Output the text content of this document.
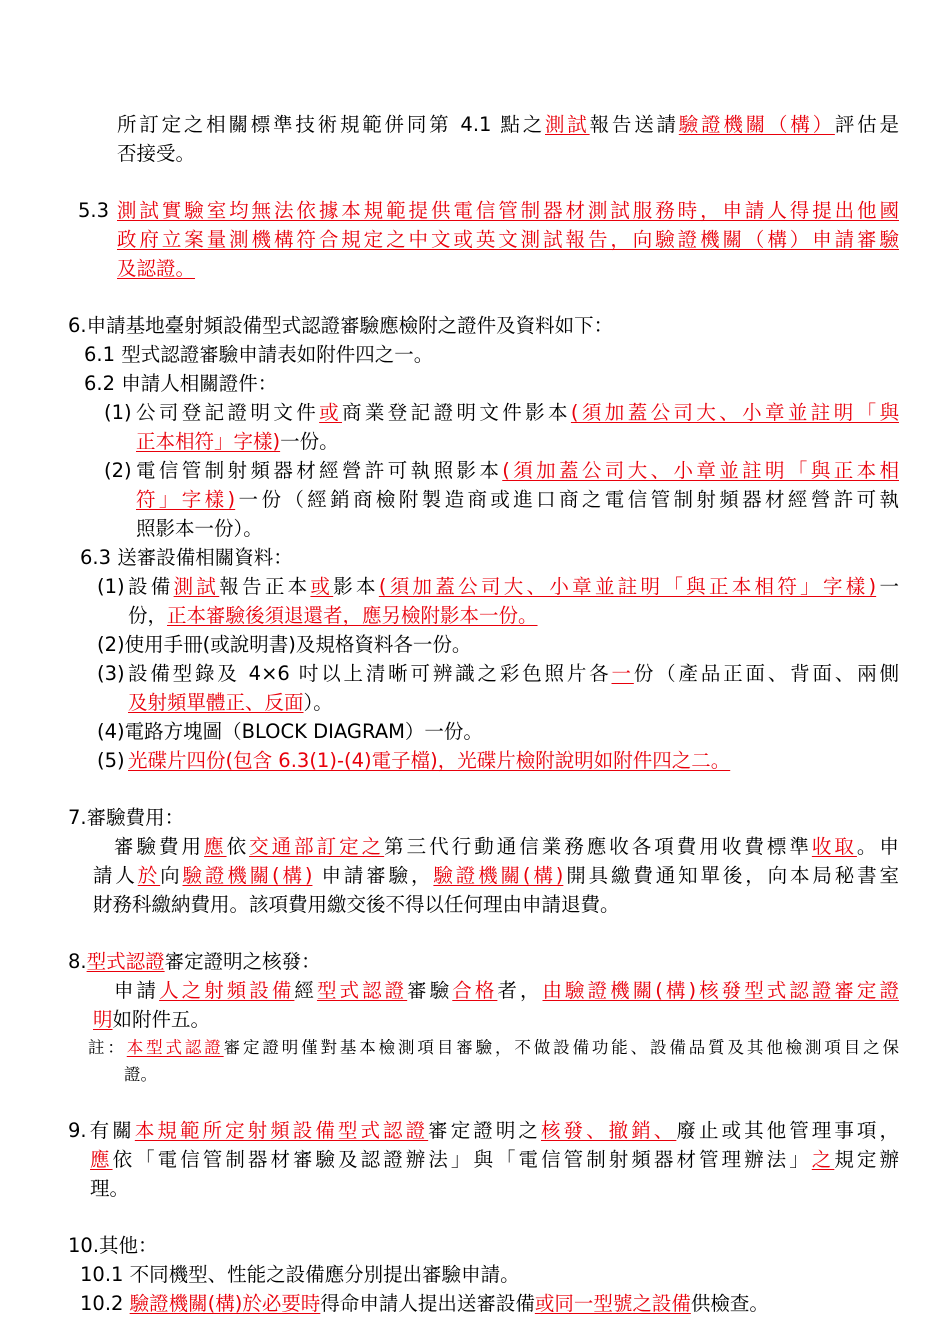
所訂定之相關標準技術規範併同第 4.1 點之測試報告送請驗證機關（構）評估是
否接受。
5.3 測試實驗室均無法依據本規範提供電信管制器材測試服務時，申請人得提出他國
政府立案量測機構符合規定之中文或英文測試報告，向驗證機關（構）申請審驗
及認證。
6.申請基地臺射頻設備型式認證審驗應檢附之證件及資料如下：
6.1 型式認證審驗申請表如附件四之一。
6.2 申請人相關證件：
(1) 公司登記證明文件或商業登記證明文件影本(須加蓋公司大、小章並註明「與
正本相符」字樣)一份。
(2) 電信管制射頻器材經營許可執照影本(須加蓋公司大、小章並註明「與正本相
符」字樣)一份（經銷商檢附製造商或進口商之電信管制射頻器材經營許可執
照影本一份）。
6.3 送審設備相關資料：
(1) 設備測試報告正本或影本(須加蓋公司大、小章並註明「與正本相符」字樣)一
份，正本審驗後須退還者，應另檢附影本一份。
(2)使用手冊(或說明書)及規格資料各一份。
(3) 設備型錄及 4×6 吋以上清晰可辨識之彩色照片各一份（產品正面、背面、兩側
及射頻單體正、反面）。
(4)電路方塊圖（BLOCK DIAGRAM）一份。
(5) 光碟片四份(包含 6.3(1)-(4)電子檔)，光碟片檢附說明如附件四之二。
7.審驗費用：
審驗費用應依交通部訂定之第三代行動通信業務應收各項費用收費標準收取。申
請人於向驗證機關(構) 申請審驗，驗證機關(構)開具繳費通知單後，向本局秘書室
財務科繳納費用。該項費用繳交後不得以任何理由申請退費。
8.型式認證審定證明之核發：
申請人之射頻設備經型式認證審驗合格者，由驗證機關(構)核發型式認證審定證
明如附件五。
註：本型式認證審定證明僅對基本檢測項目審驗，不做設備功能、設備品質及其他檢測項目之保
證。
9.有關本規範所定射頻設備型式認證審定證明之核發、撤銷、廢止或其他管理事項，
應依「電信管制器材審驗及認證辦法」與「電信管制射頻器材管理辦法」之規定辦
理。
10.其他：
10.1 不同機型、性能之設備應分別提出審驗申請。
10.2 驗證機關(構)於必要時得命申請人提出送審設備或同一型號之設備供檢查。
